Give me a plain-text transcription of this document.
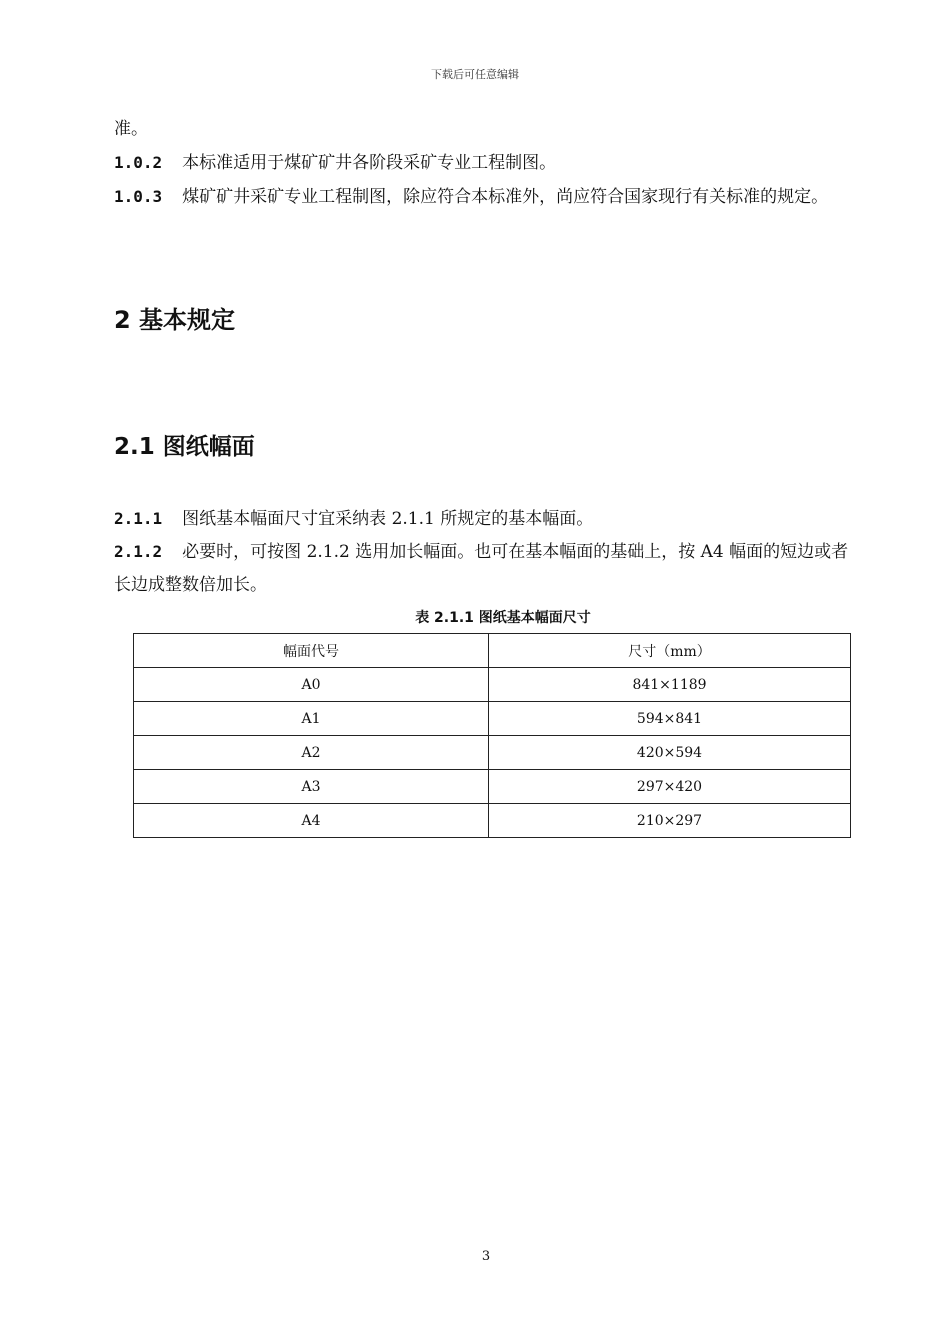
下载后可任意编辑
准。
1.0.2 本标准适用于煤矿矿井各阶段采矿专业工程制图。
1.0.3 煤矿矿井采矿专业工程制图，除应符合本标准外，尚应符合国家现行有关标准的规定。
2 基本规定
2.1 图纸幅面
2.1.1 图纸基本幅面尺寸宜采纳表 2.1.1 所规定的基本幅面。
2.1.2 必要时，可按图 2.1.2 选用加长幅面。也可在基本幅面的基础上，按 A4 幅面的短边或者长边成整数倍加长。
表 2.1.1 图纸基本幅面尺寸
幅面代号	尺寸（mm）
A0	841×1189
A1	594×841
A2	420×594
A3	297×420
A4	210×297
3
